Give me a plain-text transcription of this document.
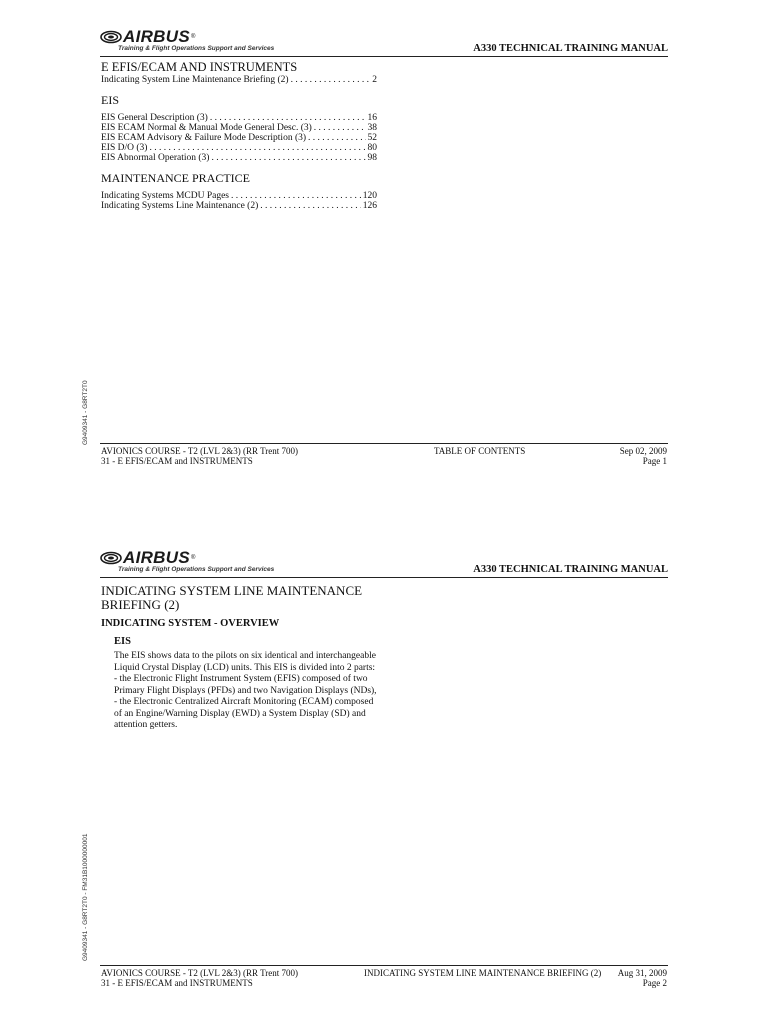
AIRBUS ®
Training & Flight Operations Support and Services	A330 TECHNICAL TRAINING MANUAL
E EFIS/ECAM AND INSTRUMENTS
Indicating System Line Maintenance Briefing (2) . . .	2
EIS
EIS General Description (3) . . .	16
EIS ECAM Normal & Manual Mode General Desc. (3) . . .	38
EIS ECAM Advisory & Failure Mode Description (3) . . .	52
EIS D/O (3) . . .	80
EIS Abnormal Operation (3) . . .	98
MAINTENANCE PRACTICE
Indicating Systems MCDU Pages . . .	120
Indicating Systems Line Maintenance (2) . . .	126
G9409341 - G8RT2T0
AVIONICS COURSE - T2 (LVL 2&3) (RR Trent 700)
31 - E EFIS/ECAM and INSTRUMENTS
TABLE OF CONTENTS	Sep 02, 2009
Page 1
AIRBUS ®
Training & Flight Operations Support and Services	A330 TECHNICAL TRAINING MANUAL
INDICATING SYSTEM LINE MAINTENANCE BRIEFING (2)
INDICATING SYSTEM - OVERVIEW
EIS
The EIS shows data to the pilots on six identical and interchangeable
Liquid Crystal Display (LCD) units. This EIS is divided into 2 parts:
- the Electronic Flight Instrument System (EFIS) composed of two
Primary Flight Displays (PFDs) and two Navigation Displays (NDs),
- the Electronic Centralized Aircraft Monitoring (ECAM) composed
of an Engine/Warning Display (EWD) a System Display (SD) and
attention getters.
G9409341 - G8RT2T0 - FM31B1000000001
AVIONICS COURSE - T2 (LVL 2&3) (RR Trent 700)
31 - E EFIS/ECAM and INSTRUMENTS
INDICATING SYSTEM LINE MAINTENANCE BRIEFING (2) Aug 31, 2009
Page 2
